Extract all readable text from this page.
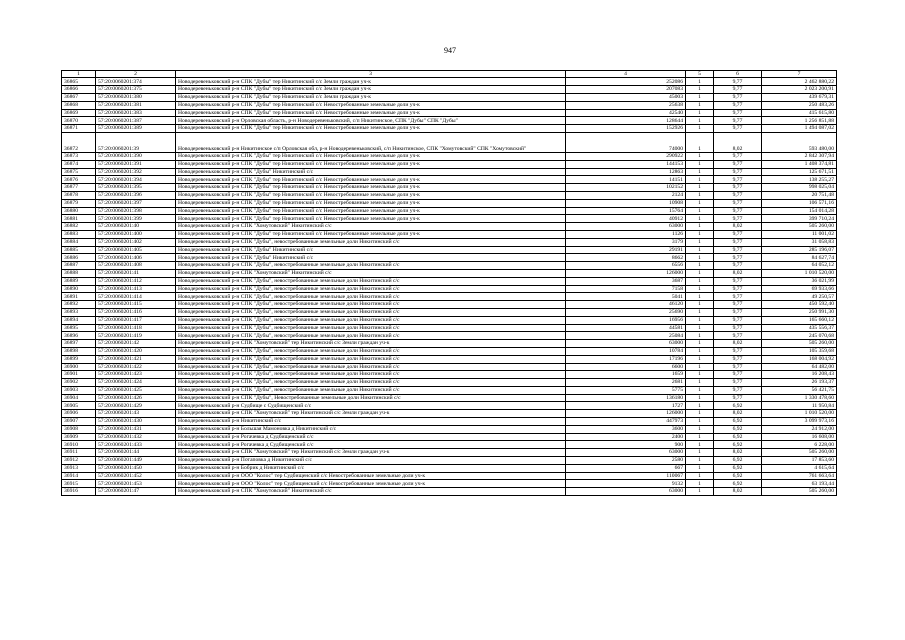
947
1	2	3	4	5	6	7
36865	57:20:0060201:374	Новодеревеньковский р-н СПК "Дубы" тер Никитинский с/с Земли граждан уч-к	252086	1	9,77	2 462 880,22
36866	57:20:0060201:375	Новодеревеньковский р-н СПК "Дубы" тер Никитинский с/с Земли граждан уч-к	207083	1	9,77	2 023 200,91
36867	57:20:0060201:380	Новодеревеньковский р-н СПК "Дубы" тер Никитинский с/с Земли граждан уч-к	45003	1	9,77	439 679,31
36868	57:20:0060201:381	Новодеревеньковский р-н СПК "Дубы" тер Никитинский с/с Невостребованные земельные доли уч-к	25638	1	9,77	250 483,26
36869	57:20:0060201:383	Новодеревеньковский р-н СПК "Дубы" тер Никитинский с/с Невостребованные земельные доли уч-к	42540	1	9,77	415 615,80
36870	57:20:0060201:387	Новодеревеньковский р-н Орловская область, р-н Новодеревеньковский, с/п Никитинское, СПК "Дубы" СПК "Дубы"	128644	1	9,77	1 256 851,88
36871	57:20:0060201:389	Новодеревеньковский р-н СПК "Дубы" тер Никитинский с/с Невостребованные земельные доли уч-к	152926	1	9,77	1 494 087,02
36872	57:20:0060201:39	Новодеревеньковский р-н Никитинское с/п Орловская обл, р-н Новодеревеньковский, с/п Никитинское, СПК "Хомутовский" СПК "Хомутовский"	74000	1	8,02	593 480,00
36873	57:20:0060201:390	Новодеревеньковский р-н СПК "Дубы" тер Никитинский с/с Невостребованные земельные доли уч-к	290922	1	9,77	2 842 307,94
36874	57:20:0060201:391	Новодеревеньковский р-н СПК "Дубы" тер Никитинский с/с Невостребованные земельные доли уч-к	144153	1	9,77	1 408 374,81
36875	57:20:0060201:392	Новодеревеньковский р-н СПК "Дубы" Никитинский с/с	12863	1	9,77	125 671,51
36876	57:20:0060201:394	Новодеревеньковский р-н СПК "Дубы" тер Никитинский с/с Невостребованные земельные доли уч-к	14151	1	9,77	138 255,27
36877	57:20:0060201:395	Новодеревеньковский р-н СПК "Дубы" тер Никитинский с/с Невостребованные земельные доли уч-к	102152	1	9,77	998 025,04
36878	57:20:0060201:396	Новодеревеньковский р-н СПК "Дубы" тер Никитинский с/с Невостребованные земельные доли уч-к	2124	1	9,77	20 751,48
36879	57:20:0060201:397	Новодеревеньковский р-н СПК "Дубы" тер Никитинский с/с Невостребованные земельные доли уч-к	10908	1	9,77	106 571,16
36880	57:20:0060201:398	Новодеревеньковский р-н СПК "Дубы" тер Никитинский с/с Невостребованные земельные доли уч-к	15764	1	9,77	154 014,28
36881	57:20:0060201:399	Новодеревеньковский р-н СПК "Дубы" тер Никитинский с/с Невостребованные земельные доли уч-к	40912	1	9,77	399 710,24
36882	57:20:0060201:40	Новодеревеньковский р-н СПК "Хомутовский" Никитинский с/с	63000	1	8,02	505 260,00
36883	57:20:0060201:400	Новодеревеньковский р-н СПК "Дубы" тер Никитинский с/с Невостребованные земельные доли уч-к	1126	1	9,77	11 001,02
36884	57:20:0060201:402	Новодеревеньковский р-н СПК "Дубы", невостребованные земельные доли Никитинский с/с	3179	1	9,77	31 058,83
36885	57:20:0060201:405	Новодеревеньковский р-н СПК "Дубы" Никитинский с/с	29191	1	9,77	285 196,07
36886	57:20:0060201:406	Новодеревеньковский р-н СПК "Дубы" Никитинский с/с	8662	1	9,77	84 627,74
36887	57:20:0060201:408	Новодеревеньковский р-н СПК "Дубы", невостребованные земельные доли Никитинский с/с	6556	1	9,77	64 052,12
36888	57:20:0060201:41	Новодеревеньковский р-н СПК "Хомутовский" Никитинский с/с	126000	1	8,02	1 010 520,00
36889	57:20:0060201:412	Новодеревеньковский р-н СПК "Дубы", невостребованные земельные доли Никитинский с/с	3687	1	9,77	36 021,99
36890	57:20:0060201:413	Новодеревеньковский р-н СПК "Дубы", невостребованные земельные доли Никитинский с/с	7158	1	9,77	69 933,66
36891	57:20:0060201:414	Новодеревеньковский р-н СПК "Дубы", невостребованные земельные доли Никитинский с/с	5041	1	9,77	49 250,57
36892	57:20:0060201:415	Новодеревеньковский р-н СПК "Дубы", невостребованные земельные доли Никитинский с/с	46120	1	9,77	450 592,40
36893	57:20:0060201:416	Новодеревеньковский р-н СПК "Дубы", невостребованные земельные доли Никитинский с/с	25690	1	9,77	250 991,30
36894	57:20:0060201:417	Новодеревеньковский р-н СПК "Дубы", невостребованные земельные доли Никитинский с/с	16956	1	9,77	165 660,12
36895	57:20:0060201:418	Новодеревеньковский р-н СПК "Дубы", невостребованные земельные доли Никитинский с/с	44581	1	9,77	435 556,37
36896	57:20:0060201:419	Новодеревеньковский р-н СПК "Дубы", невостребованные земельные доли Никитинский с/с	25084	1	9,77	245 070,68
36897	57:20:0060201:42	Новодеревеньковский р-н СПК "Хомутовский" тер Никитинский с/с Земли граждан уч-к	63000	1	8,02	505 260,00
36898	57:20:0060201:420	Новодеревеньковский р-н СПК "Дубы", невостребованные земельные доли Никитинский с/с	10784	1	9,77	105 359,68
36899	57:20:0060201:421	Новодеревеньковский р-н СПК "Дубы", невостребованные земельные доли Никитинский с/с	17196	1	9,77	168 004,92
36900	57:20:0060201:422	Новодеревеньковский р-н СПК "Дубы", невостребованные земельные доли Никитинский с/с	6600	1	9,77	64 482,00
36901	57:20:0060201:423	Новодеревеньковский р-н СПК "Дубы", невостребованные земельные доли Никитинский с/с	1659	1	9,77	16 208,43
36902	57:20:0060201:424	Новодеревеньковский р-н СПК "Дубы", невостребованные земельные доли Никитинский с/с	2681	1	9,77	26 193,37
36903	57:20:0060201:425	Новодеревеньковский р-н СПК "Дубы", невостребованные земельные доли Никитинский с/с	5775	1	9,77	56 421,75
36904	57:20:0060201:426	Новодеревеньковский р-н СПК "Дубы", Невостребованные земельные доли Никитинский с/с	136180	1	9,77	1 330 478,60
36905	57:20:0060201:429	Новодеревеньковский р-н Судбище с Судбищенский с/с	1727	1	6,92	11 950,84
36906	57:20:0060201:43	Новодеревеньковский р-н СПК "Хомутовский" тер Никитинский с/с Земли граждан уч-к	126000	1	8,02	1 010 520,00
36907	57:20:0060201:430	Новодеревеньковский р-н Никитинский с/с	447973	1	6,92	3 099 973,16
36908	57:20:0060201:431	Новодеревеньковский р-н Большая Мамоновка д Никитинский с/с	3600	1	6,92	24 912,00
36909	57:20:0060201:432	Новодеревеньковский р-н Рогачевка д Судбищенский с/с	2400	1	6,92	16 608,00
36910	57:20:0060201:433	Новодеревеньковский р-н Рогачевка д Судбищенский с/с	900	1	6,92	6 228,00
36911	57:20:0060201:44	Новодеревеньковский р-н СПК "Хомутовский" тер Никитинский с/с Земли граждан уч-к	63000	1	8,02	505 260,00
36912	57:20:0060201:449	Новодеревеньковский р-н Потаповка д Никитинский с/с	2580	1	6,92	17 853,60
36913	57:20:0060201:450	Новодеревеньковский р-н Бобрик д Никитинский с/с	667	1	6,92	4 615,64
36914	57:20:0060201:452	Новодеревеньковский р-н ООО "Колос" тер Судбищенский с/с Невостребованные земельные доли уч-к	110067	1	6,92	761 663,64
36915	57:20:0060201:453	Новодеревеньковский р-н ООО "Колос" тер Судбищенский с/с Невостребованные земельные доли уч-к	9132	1	6,92	63 193,44
36916	57:20:0060201:47	Новодеревеньковский р-н СПК "Хомутовский" Никитинский с/с	63000	1	8,02	505 260,00
